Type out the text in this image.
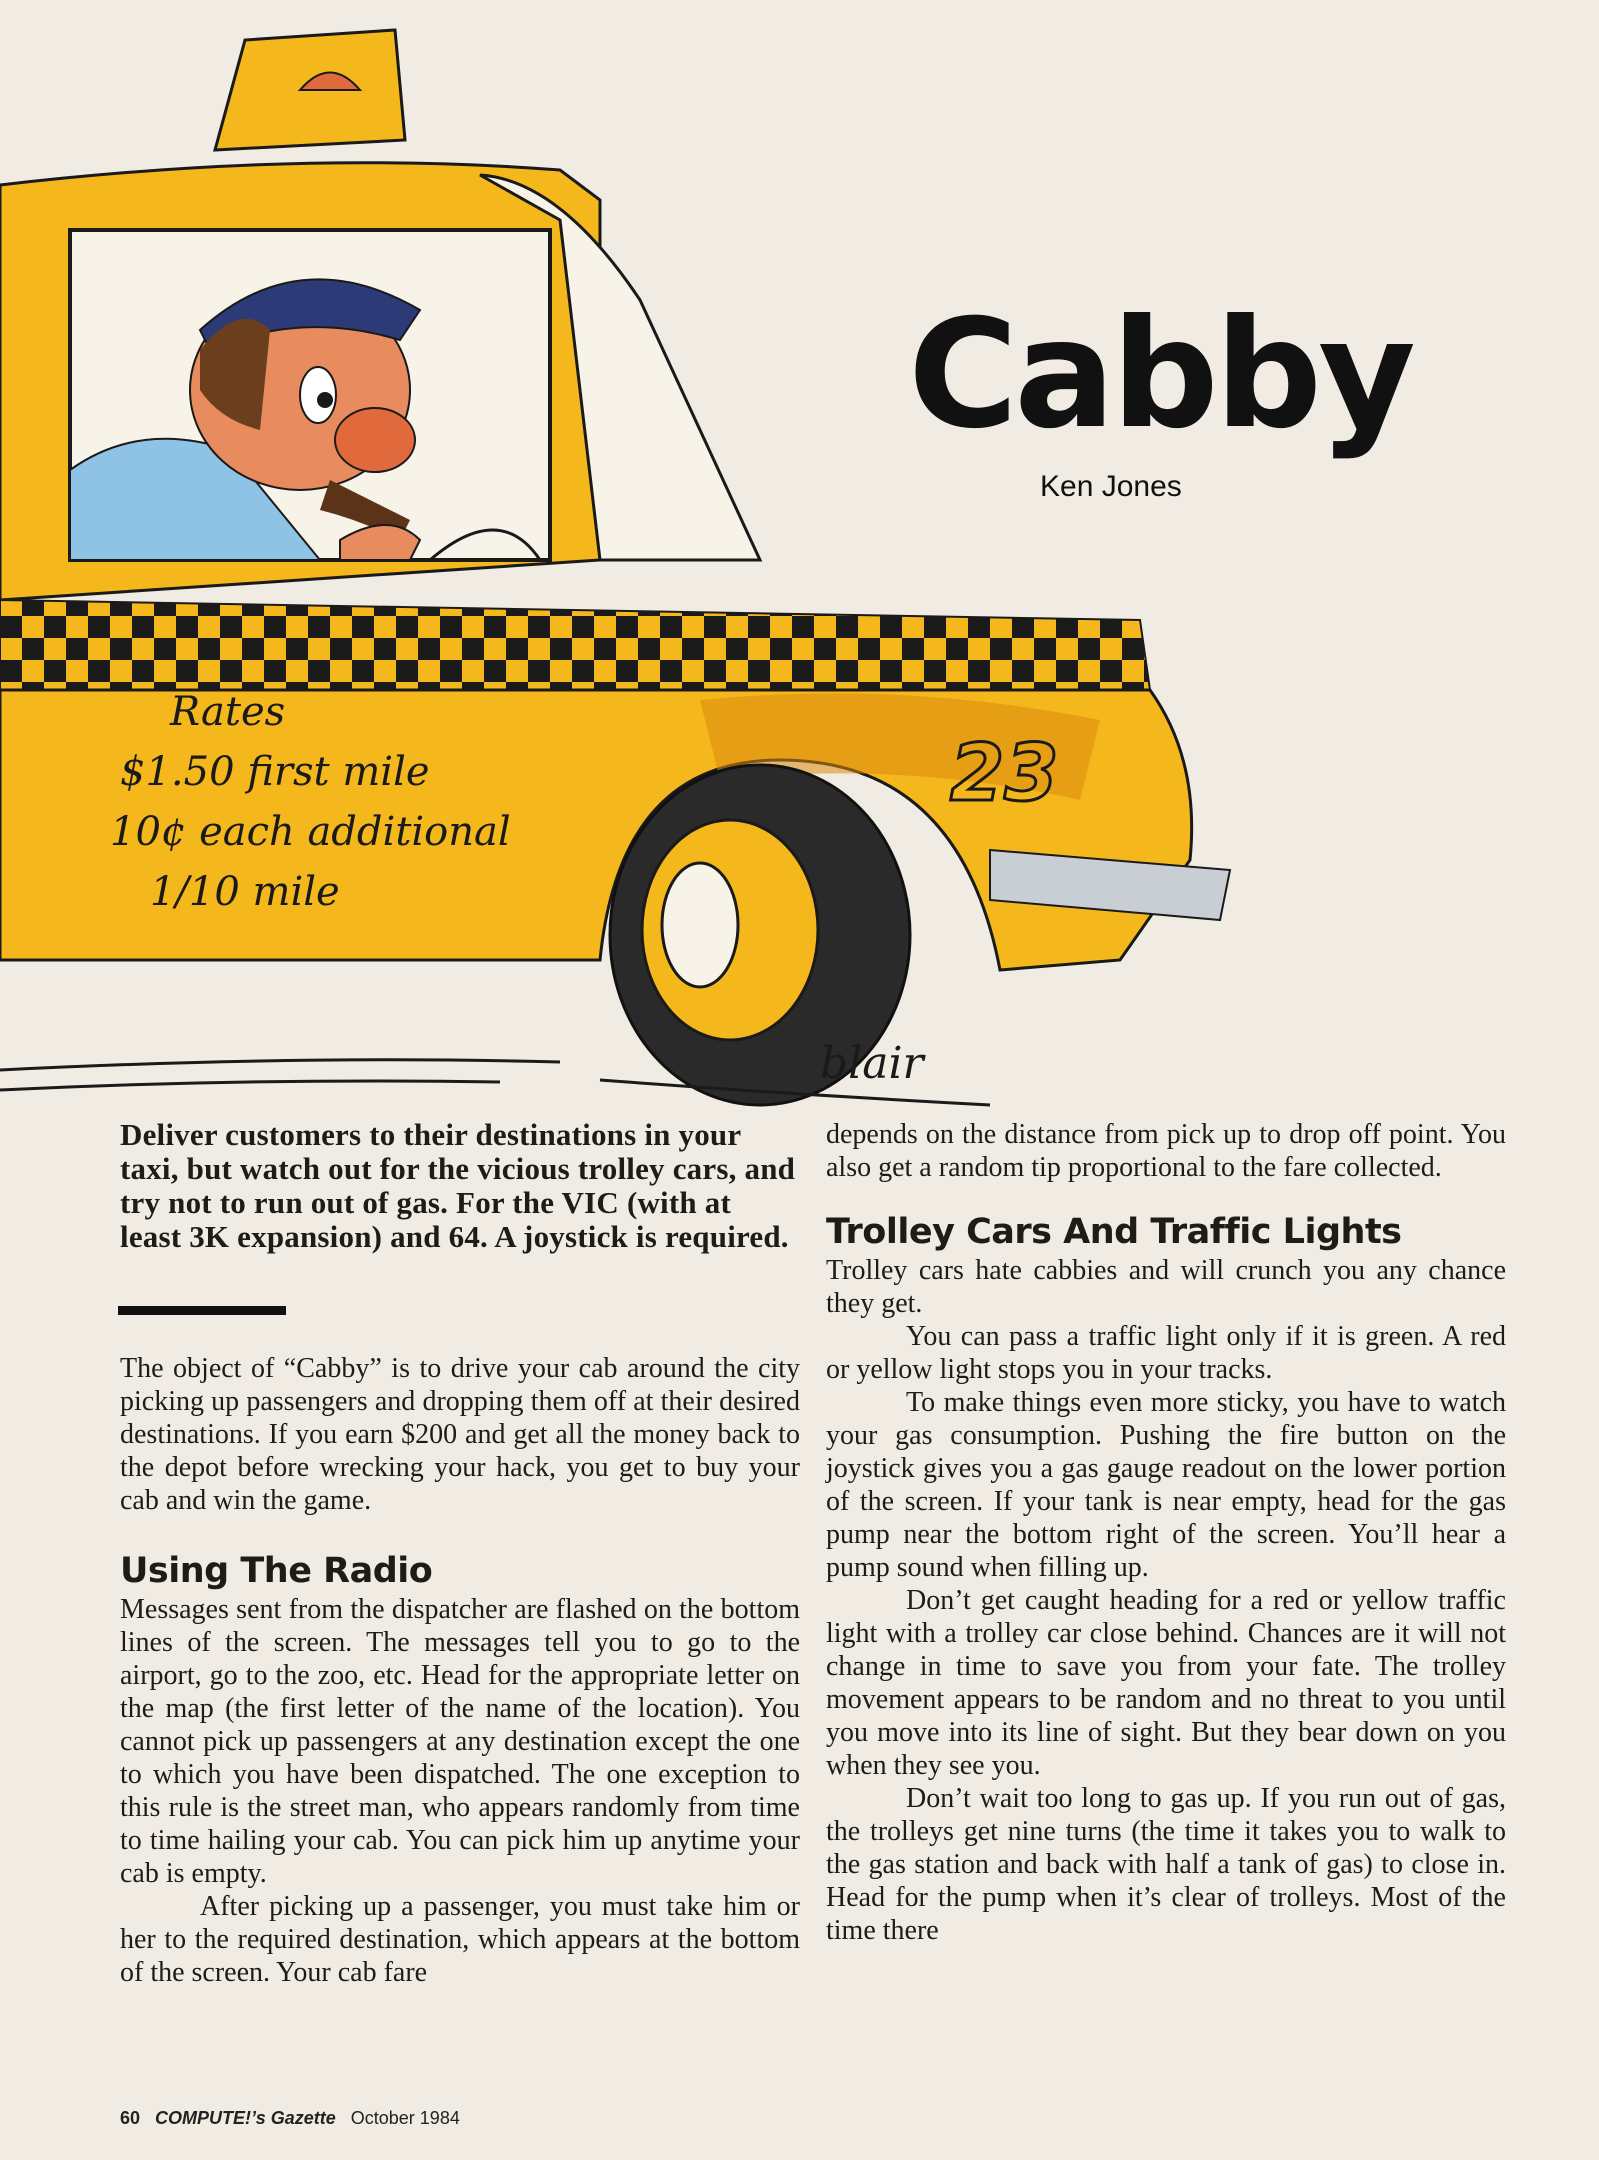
Rates
$1.50 first mile
10¢ each additional
1/10 mile
23
blair
Cabby
Ken Jones
Deliver customers to their destinations in your taxi, but watch out for the vicious trolley cars, and try not to run out of gas. For the VIC (with at least 3K expansion) and 64. A joystick is required.

The object of “Cabby” is to drive your cab around the city picking up passengers and dropping them off at their desired destinations. If you earn $200 and get all the money back to the depot before wrecking your hack, you get to buy your cab and win the game.

Using The Radio

Messages sent from the dispatcher are flashed on the bottom lines of the screen. The messages tell you to go to the airport, go to the zoo, etc. Head for the appropriate letter on the map (the first letter of the name of the location). You cannot pick up passengers at any destination except the one to which you have been dispatched. The one exception to this rule is the street man, who appears randomly from time to time hailing your cab. You can pick him up anytime your cab is empty.

After picking up a passenger, you must take him or her to the required destination, which appears at the bottom of the screen. Your cab fare

depends on the distance from pick up to drop off point. You also get a random tip proportional to the fare collected.

Trolley Cars And Traffic Lights

Trolley cars hate cabbies and will crunch you any chance they get.

You can pass a traffic light only if it is green. A red or yellow light stops you in your tracks.

To make things even more sticky, you have to watch your gas consumption. Pushing the fire button on the joystick gives you a gas gauge readout on the lower portion of the screen. If your tank is near empty, head for the gas pump near the bottom right of the screen. You’ll hear a pump sound when filling up.

Don’t get caught heading for a red or yellow traffic light with a trolley car close behind. Chances are it will not change in time to save you from your fate. The trolley movement appears to be random and no threat to you until you move into its line of sight. But they bear down on you when they see you.

Don’t wait too long to gas up. If you run out of gas, the trolleys get nine turns (the time it takes you to walk to the gas station and back with half a tank of gas) to close in. Head for the pump when it’s clear of trolleys. Most of the time there

60 COMPUTE!’s Gazette October 1984
